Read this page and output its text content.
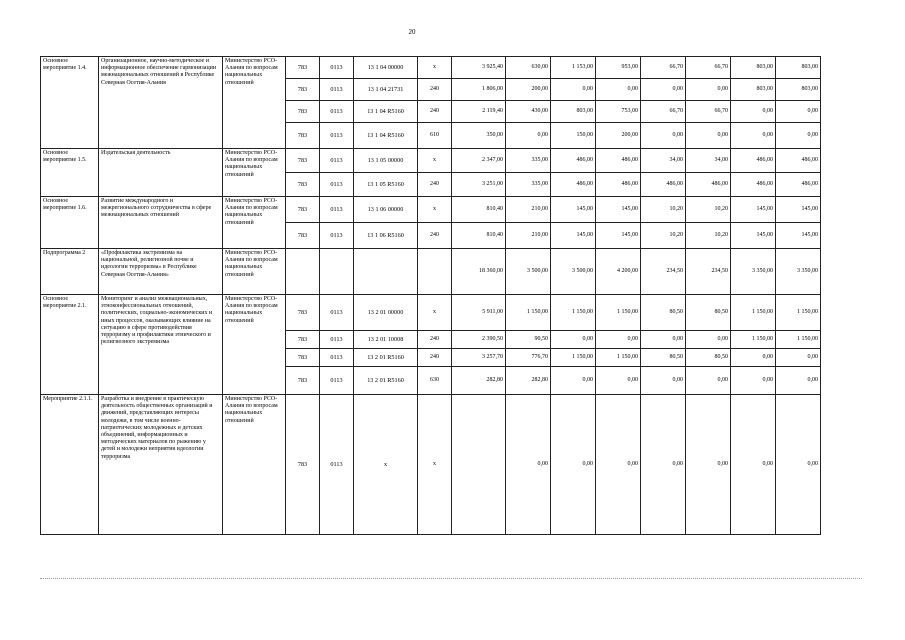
20
Основное мероприятие 1.4.	Организационное, научно-методическое и информационное обеспечение гармонизации межнациональных отношений в Республике Северная Осетия-Алания	Министерство РСО-Алания по вопросам национальных отношений	783	0113	13 1 04 00000	x	3 925,40	630,00	1 153,00	953,00	66,70	66,70	803,00	803,00
			783	0113	13 1 04 21731	240	1 806,00	200,00	0,00	0,00	0,00	0,00	803,00	803,00
			783	0113	13 1 04 R5160	240	2 119,40	430,00	803,00	753,00	66,70	66,70	0,00	0,00
			783	0113	13 1 04 R5160	610	350,00	0,00	150,00	200,00	0,00	0,00	0,00	0,00
Основное мероприятие 1.5.	Издательская деятельность	Министерство РСО-Алания по вопросам национальных отношений	783	0113	13 1 05 00000	x	2 347,00	335,00	486,00	486,00	34,00	34,00	486,00	486,00
			783	0113	13 1 05 R5160	240	3 251,00	335,00	486,00	486,00	486,00	486,00	486,00	486,00
Основное мероприятие 1.6.	Развитие международного и межрегионального сотрудничества в сфере межнациональных отношений	Министерство РСО-Алания по вопросам национальных отношений	783	0113	13 1 06 00000	x	810,40	210,00	145,00	145,00	10,20	10,20	145,00	145,00
			783	0113	13 1 06 R5160	240	810,40	210,00	145,00	145,00	10,20	10,20	145,00	145,00
Подпрограмма 2	«Профилактика экстремизма на национальной, религиозной почве и идеологии терроризма» в Республике Северная Осетия-Алания»	Министерство РСО-Алания по вопросам национальных отношений					18 360,00	3 500,00	3 500,00	4 200,00	234,50	234,50	3 350,00	3 350,00
Основное мероприятие 2.1.	Мониторинг и анализ межнациональных, этноконфессиональных отношений, политических, социально-экономических и иных процессов, оказывающих влияние на ситуацию в сфере противодействия терроризму и профилактики этнического и религиозного экстремизма	Министерство РСО-Алания по вопросам национальных отношений	783	0113	13 2 01 00000	x	5 911,00	1 150,00	1 150,00	1 150,00	80,50	80,50	1 150,00	1 150,00
			783	0113	13 2 01 10008	240	2 390,50	90,50	0,00	0,00	0,00	0,00	1 150,00	1 150,00
			783	0113	13 2 01 R5160	240	3 257,70	776,70	1 150,00	1 150,00	80,50	80,50	0,00	0,00
			783	0113	13 2 01 R5160	630	282,80	282,80	0,00	0,00	0,00	0,00	0,00	0,00
Мероприятие 2.1.1.	Разработка и внедрение в практическую деятельность общественных организаций и движений, представляющих интересы молодежи, в том числе военно-патриотических молодежных и детских объединений, информационных и методических материалов по рыжению у детей и молодежи неприятия идеологии терроризма	Министерство РСО-Алания по вопросам национальных отношений	783	0113	x	x		0,00	0,00	0,00	0,00	0,00	0,00	0,00
